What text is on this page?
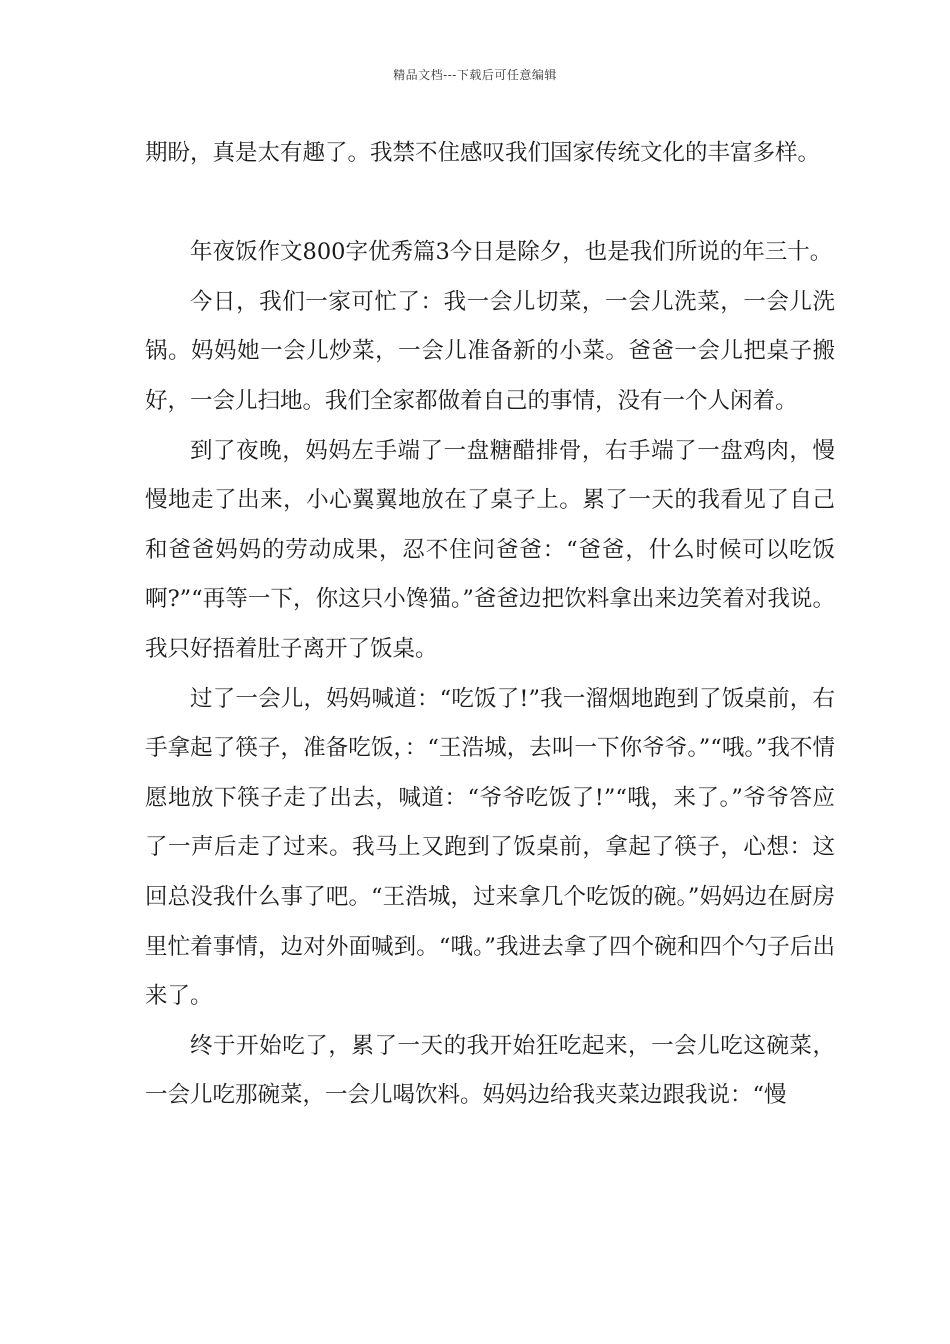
精品文档---下载后可任意编辑

期盼，真是太有趣了。我禁不住感叹我们国家传统文化的丰富多样。

年夜饭作文800字优秀篇3今日是除夕，也是我们所说的年三十。

今日，我们一家可忙了：我一会儿切菜，一会儿洗菜，一会儿洗锅。妈妈她一会儿炒菜，一会儿准备新的小菜。爸爸一会儿把桌子搬好，一会儿扫地。我们全家都做着自己的事情，没有一个人闲着。

到了夜晚，妈妈左手端了一盘糖醋排骨，右手端了一盘鸡肉，慢慢地走了出来，小心翼翼地放在了桌子上。累了一天的我看见了自己和爸爸妈妈的劳动成果，忍不住问爸爸：“爸爸，什么时候可以吃饭啊?”“再等一下，你这只小馋猫。”爸爸边把饮料拿出来边笑着对我说。我只好捂着肚子离开了饭桌。

过了一会儿，妈妈喊道：“吃饭了!”我一溜烟地跑到了饭桌前，右手拿起了筷子，准备吃饭，：“王浩城，去叫一下你爷爷。”“哦。”我不情愿地放下筷子走了出去，喊道：“爷爷吃饭了!”“哦，来了。”爷爷答应了一声后走了过来。我马上又跑到了饭桌前，拿起了筷子，心想：这回总没我什么事了吧。“王浩城，过来拿几个吃饭的碗。”妈妈边在厨房里忙着事情，边对外面喊到。“哦。”我进去拿了四个碗和四个勺子后出来了。

终于开始吃了，累了一天的我开始狂吃起来，一会儿吃这碗菜，一会儿吃那碗菜，一会儿喝饮料。妈妈边给我夹菜边跟我说：“慢
